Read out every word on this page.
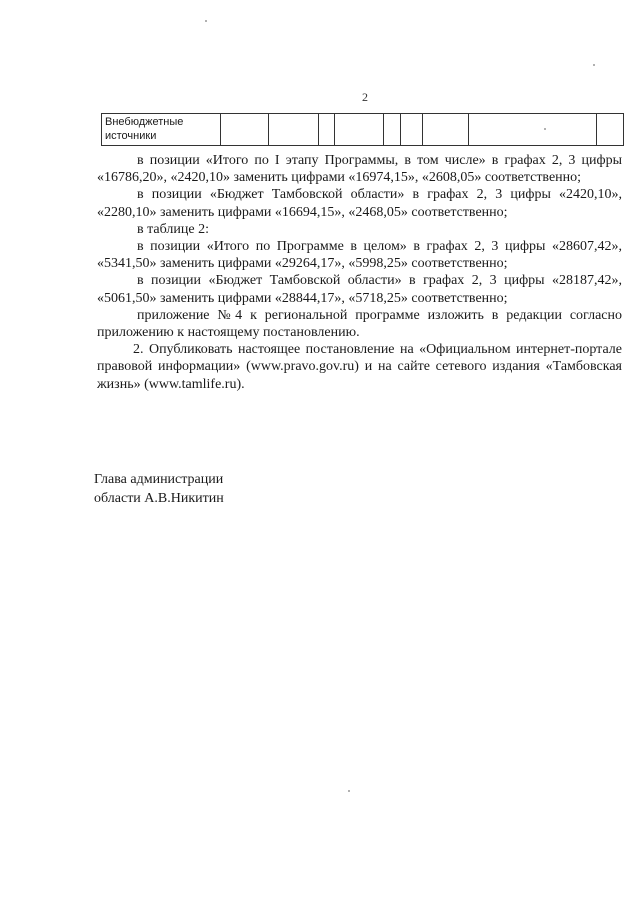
2
Внебюджетные
источники

в позиции «Итого по I этапу Программы, в том числе» в графах 2, 3 цифры «16786,20», «2420,10» заменить цифрами «16974,15», «2608,05» соответственно;

в позиции «Бюджет Тамбовской области» в графах 2, 3 цифры «2420,10», «2280,10» заменить цифрами «16694,15», «2468,05» соответственно;

в таблице 2:

в позиции «Итого по Программе в целом» в графах 2, 3 цифры «28607,42», «5341,50» заменить цифрами «29264,17», «5998,25» соответственно;

в позиции «Бюджет Тамбовской области» в графах 2, 3 цифры «28187,42», «5061,50» заменить цифрами «28844,17», «5718,25» соответственно;

приложение №4 к региональной программе изложить в редакции согласно приложению к настоящему постановлению.

2. Опубликовать настоящее постановление на «Официальном интернет-портале правовой информации» (www.pravo.gov.ru) и на сайте сетевого издания «Тамбовская жизнь» (www.tamlife.ru).

Глава администрации
области А.В.Никитин
